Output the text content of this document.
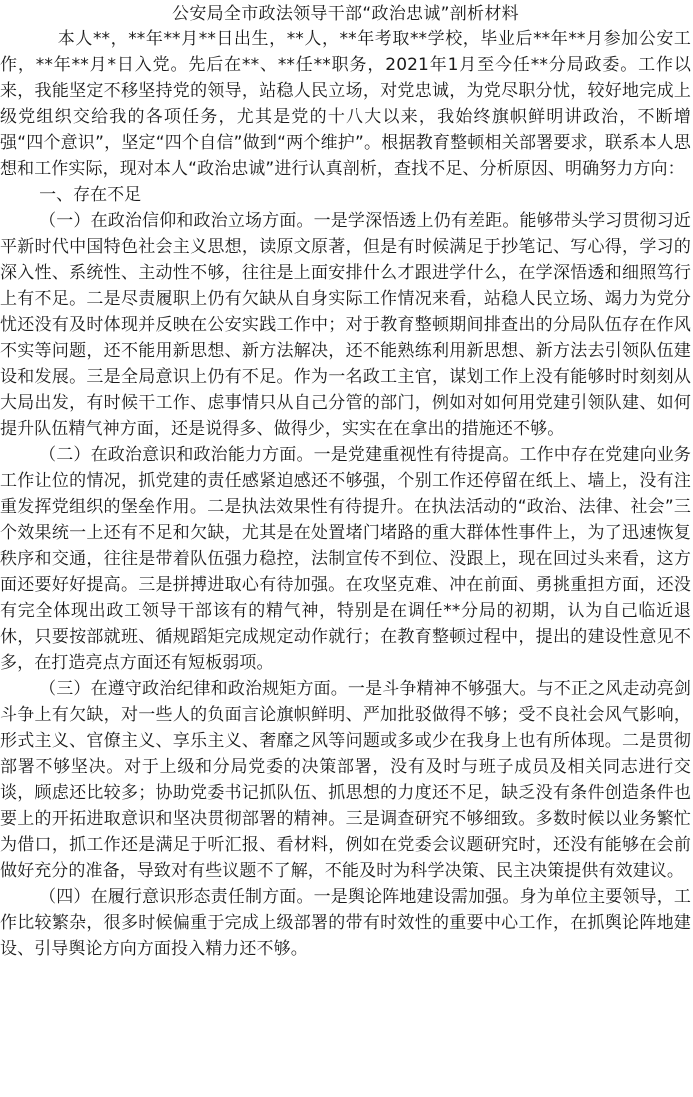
公安局全市政法领导干部“政治忠诚”剖析材料

本人**，**年**月**日出生，**人，**年考取**学校，毕业后**年**月参加公安工作，**年**月*日入党。先后在**、**任**职务，2021年1月至今任**分局政委。工作以来，我能坚定不移坚持党的领导，站稳人民立场，对党忠诚，为党尽职分忧，较好地完成上级党组织交给我的各项任务，尤其是党的十八大以来，我始终旗帜鲜明讲政治，不断增强“四个意识”，坚定“四个自信”做到“两个维护”。根据教育整顿相关部署要求，联系本人思想和工作实际，现对本人“政治忠诚”进行认真剖析，查找不足、分析原因、明确努力方向：

一、存在不足

（一）在政治信仰和政治立场方面。一是学深悟透上仍有差距。能够带头学习贯彻习近平新时代中国特色社会主义思想，读原文原著，但是有时候满足于抄笔记、写心得，学习的深入性、系统性、主动性不够，往往是上面安排什么才跟进学什么，在学深悟透和细照笃行上有不足。二是尽责履职上仍有欠缺从自身实际工作情况来看，站稳人民立场、竭力为党分忧还没有及时体现并反映在公安实践工作中；对于教育整顿期间排查出的分局队伍存在作风不实等问题，还不能用新思想、新方法解决，还不能熟练利用新思想、新方法去引领队伍建设和发展。三是全局意识上仍有不足。作为一名政工主官，谋划工作上没有能够时时刻刻从大局出发，有时候干工作、虑事情只从自己分管的部门，例如对如何用党建引领队建、如何提升队伍精气神方面，还是说得多、做得少，实实在在拿出的措施还不够。

（二）在政治意识和政治能力方面。一是党建重视性有待提高。工作中存在党建向业务工作让位的情况，抓党建的责任感紧迫感还不够强，个别工作还停留在纸上、墙上，没有注重发挥党组织的堡垒作用。二是执法效果性有待提升。在执法活动的“政治、法律、社会”三个效果统一上还有不足和欠缺，尤其是在处置堵门堵路的重大群体性事件上，为了迅速恢复秩序和交通，往往是带着队伍强力稳控，法制宣传不到位、没跟上，现在回过头来看，这方面还要好好提高。三是拼搏进取心有待加强。在攻坚克难、冲在前面、勇挑重担方面，还没有完全体现出政工领导干部该有的精气神，特别是在调任**分局的初期，认为自己临近退休，只要按部就班、循规蹈矩完成规定动作就行；在教育整顿过程中，提出的建设性意见不多，在打造亮点方面还有短板弱项。

（三）在遵守政治纪律和政治规矩方面。一是斗争精神不够强大。与不正之风走动亮剑斗争上有欠缺，对一些人的负面言论旗帜鲜明、严加批驳做得不够；受不良社会风气影响，形式主义、官僚主义、享乐主义、奢靡之风等问题或多或少在我身上也有所体现。二是贯彻部署不够坚决。对于上级和分局党委的决策部署，没有及时与班子成员及相关同志进行交谈，顾虑还比较多；协助党委书记抓队伍、抓思想的力度还不足，缺乏没有条件创造条件也要上的开拓进取意识和坚决贯彻部署的精神。三是调查研究不够细致。多数时候以业务繁忙为借口，抓工作还是满足于听汇报、看材料，例如在党委会议题研究时，还没有能够在会前做好充分的准备，导致对有些议题不了解，不能及时为科学决策、民主决策提供有效建议。

（四）在履行意识形态责任制方面。一是舆论阵地建设需加强。身为单位主要领导，工作比较繁杂，很多时候偏重于完成上级部署的带有时效性的重要中心工作，在抓舆论阵地建设、引导舆论方向方面投入精力还不够。
